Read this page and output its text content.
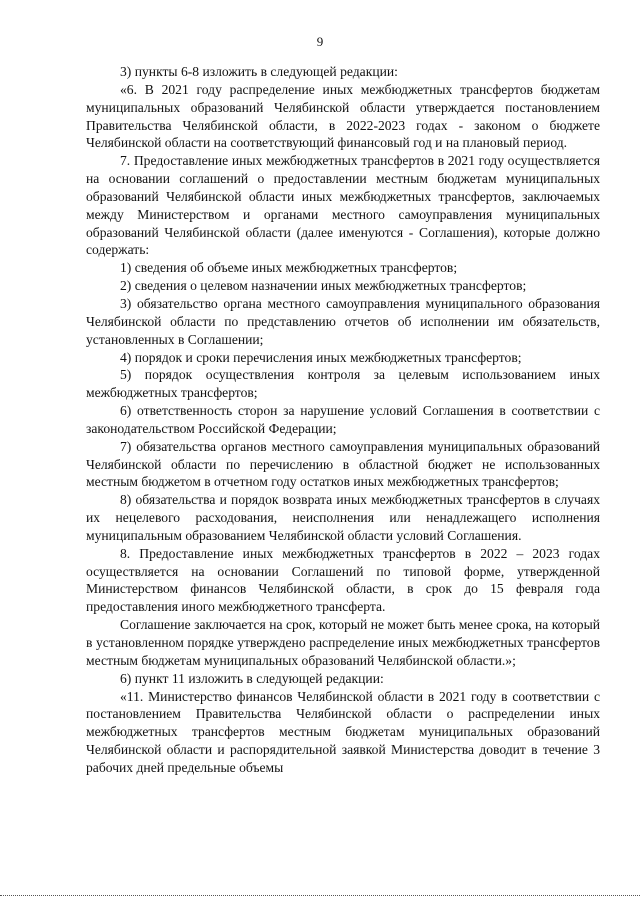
9

3) пункты 6-8 изложить в следующей редакции:

«6. В 2021 году распределение иных межбюджетных трансфертов бюджетам муниципальных образований Челябинской области утверждается постановлением Правительства Челябинской области, в 2022-2023 годах - законом о бюджете Челябинской области на соответствующий финансовый год и на плановый период.

7. Предоставление иных межбюджетных трансфертов в 2021 году осуществляется на основании соглашений о предоставлении местным бюджетам муниципальных образований Челябинской области иных межбюджетных трансфертов, заключаемых между Министерством и органами местного самоуправления муниципальных образований Челябинской области (далее именуются - Соглашения), которые должно содержать:

1) сведения об объеме иных межбюджетных трансфертов;

2) сведения о целевом назначении иных межбюджетных трансфертов;

3) обязательство органа местного самоуправления муниципального образования Челябинской области по представлению отчетов об исполнении им обязательств, установленных в Соглашении;

4) порядок и сроки перечисления иных межбюджетных трансфертов;

5) порядок осуществления контроля за целевым использованием иных межбюджетных трансфертов;

6) ответственность сторон за нарушение условий Соглашения в соответствии с законодательством Российской Федерации;

7) обязательства органов местного самоуправления муниципальных образований Челябинской области по перечислению в областной бюджет не использованных местным бюджетом в отчетном году остатков иных межбюджетных трансфертов;

8) обязательства и порядок возврата иных межбюджетных трансфертов в случаях их нецелевого расходования, неисполнения или ненадлежащего исполнения муниципальным образованием Челябинской области условий Соглашения.

8. Предоставление иных межбюджетных трансфертов в 2022 – 2023 годах осуществляется на основании Соглашений по типовой форме, утвержденной Министерством финансов Челябинской области, в срок до 15 февраля года предоставления иного межбюджетного трансферта.

Соглашение заключается на срок, который не может быть менее срока, на который в установленном порядке утверждено распределение иных межбюджетных трансфертов местным бюджетам муниципальных образований Челябинской области.»;

6) пункт 11 изложить в следующей редакции:

«11. Министерство финансов Челябинской области в 2021 году в соответствии с постановлением Правительства Челябинской области о распределении иных межбюджетных трансфертов местным бюджетам муниципальных образований Челябинской области и распорядительной заявкой Министерства доводит в течение 3 рабочих дней предельные объемы
